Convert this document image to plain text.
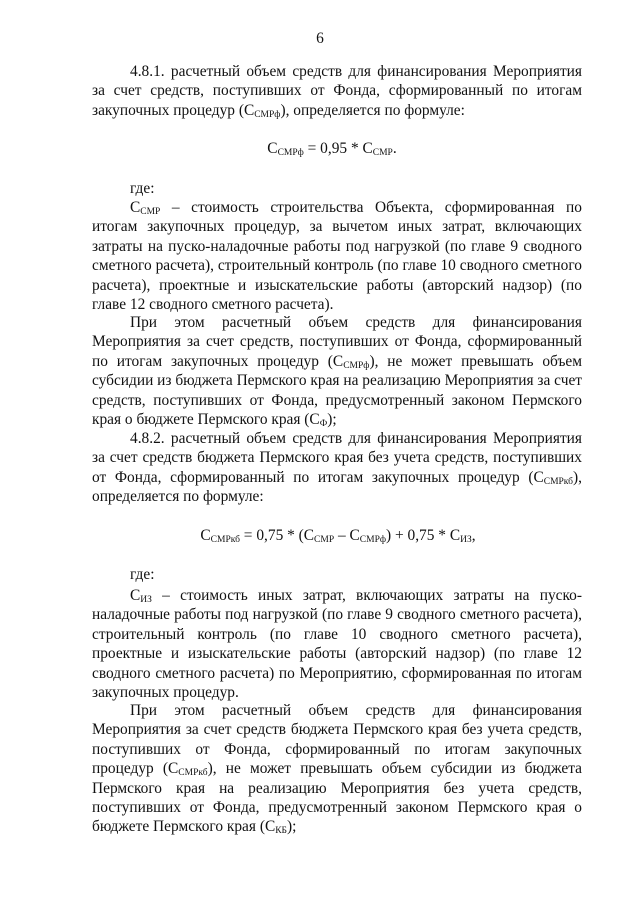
6

4.8.1. расчетный объем средств для финансирования Мероприятия за счет средств, поступивших от Фонда, сформированный по итогам закупочных процедур $(С_{СМРф})$, определяется по формуле:

$С_{СМРф} = 0,95 * С_{СМР}$.
где:

$С_{СМР}$ – стоимость строительства Объекта, сформированная по итогам закупочных процедур, за вычетом иных затрат, включающих затраты на пуско-наладочные работы под нагрузкой (по главе 9 сводного сметного расчета), строительный контроль (по главе 10 сводного сметного расчета), проектные и изыскательские работы (авторский надзор) (по главе 12 сводного сметного расчета).

При этом расчетный объем средств для финансирования Мероприятия за счет средств, поступивших от Фонда, сформированный по итогам закупочных процедур $(С_{СМРф})$, не может превышать объем субсидии из бюджета Пермского края на реализацию Мероприятия за счет средств, поступивших от Фонда, предусмотренный законом Пермского края о бюджете Пермского края $(С_Ф)$;

4.8.2. расчетный объем средств для финансирования Мероприятия за счет средств бюджета Пермского края без учета средств, поступивших от Фонда, сформированный по итогам закупочных процедур $(С_{СМРкб})$, определяется по формуле:

$С_{СМРкб} = 0,75 * (С_{СМР} - С_{СМРф}) + 0,75 * С_{ИЗ}$,
где:

$С_{ИЗ}$ – стоимость иных затрат, включающих затраты на пуско-наладочные работы под нагрузкой (по главе 9 сводного сметного расчета), строительный контроль (по главе 10 сводного сметного расчета), проектные и изыскательские работы (авторский надзор) (по главе 12 сводного сметного расчета) по Мероприятию, сформированная по итогам закупочных процедур.

При этом расчетный объем средств для финансирования Мероприятия за счет средств бюджета Пермского края без учета средств, поступивших от Фонда, сформированный по итогам закупочных процедур $(С_{СМРкб})$, не может превышать объем субсидии из бюджета Пермского края на реализацию Мероприятия без учета средств, поступивших от Фонда, предусмотренный законом Пермского края о бюджете Пермского края $(С_{КБ})$;
